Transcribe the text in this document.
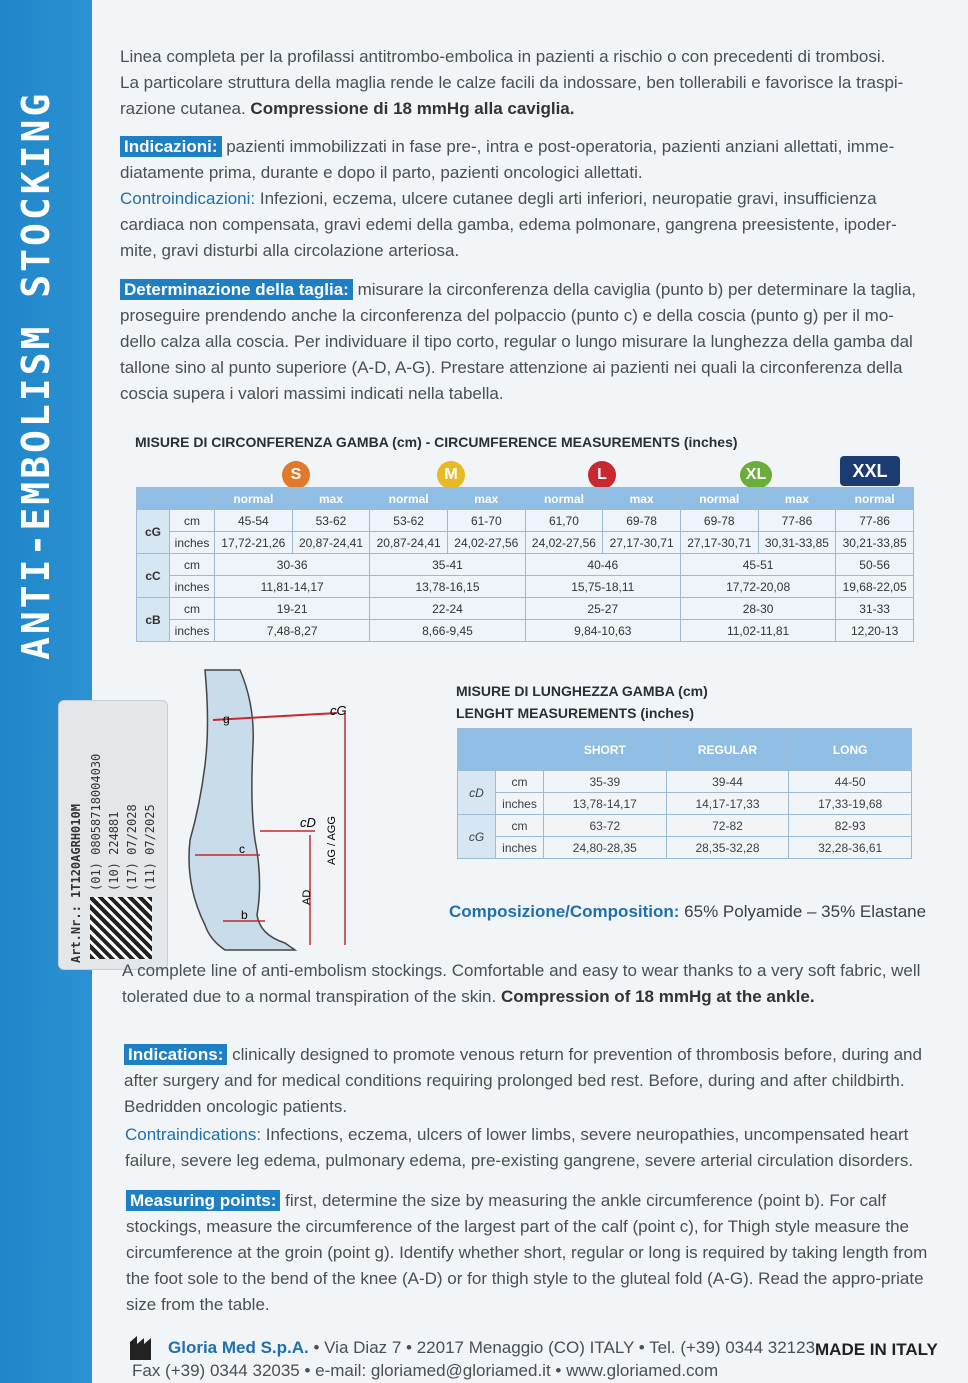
ANTI-EMBOLISM STOCKING
Linea completa per la profilassi antitrombo-embolica in pazienti a rischio o con precedenti di trombosi.
La particolare struttura della maglia rende le calze facili da indossare, ben tollerabili e favorisce la traspi-
razione cutanea. Compressione di 18 mmHg alla caviglia.
Indicazioni: pazienti immobilizzati in fase pre-, intra e post-operatoria, pazienti anziani allettati, imme-diatamente prima, durante e dopo il parto, pazienti oncologici allettati.
Controindicazioni: Infezioni, eczema, ulcere cutanee degli arti inferiori, neuropatie gravi, insufficienza cardiaca non compensata, gravi edemi della gamba, edema polmonare, gangrena preesistente, ipoder-mite, gravi disturbi alla circolazione arteriosa.
Determinazione della taglia: misurare la circonferenza della caviglia (punto b) per determinare la taglia, proseguire prendendo anche la circonferenza del polpaccio (punto c) e della coscia (punto g) per il mo-dello calza alla coscia. Per individuare il tipo corto, regular o lungo misurare la lunghezza della gamba dal tallone sino al punto superiore (A-D, A-G). Prestare attenzione ai pazienti nei quali la circonferenza della coscia supera i valori massimi indicati nella tabella.
MISURE DI CIRCONFERENZA GAMBA (cm) - CIRCUMFERENCE MEASUREMENTS (inches)
S	M	L	XL	XXL
		normal	max	normal	max	normal	max	normal	max	normal
cG	cm	45-54	53-62	53-62	61-70	61,70	69-78	69-78	77-86	77-86
	inches	17,72-21,26	20,87-24,41	20,87-24,41	24,02-27,56	24,02-27,56	27,17-30,71	27,17-30,71	30,31-33,85	30,21-33,85
cC	cm	30-36		35-41		40-46		45-51		50-56
	inches	11,81-14,17		13,78-16,15		15,75-18,11		17,72-20,08		19,68-22,05
cB	cm	19-21		22-24		25-27		28-30		31-33
	inches	7,48-8,27		8,66-9,45		9,84-10,63		11,02-11,81		12,20-13
g
cG
cD
c
b
AD
AG / AGG
MISURE DI LUNGHEZZA GAMBA (cm)
LENGHT MEASUREMENTS (inches)
		SHORT	REGULAR	LONG
cD	cm	35-39	39-44	44-50
	inches	13,78-14,17	14,17-17,33	17,33-19,68
cG	cm	63-72	72-82	82-93
	inches	24,80-28,35	28,35-32,28	32,28-36,61
Composizione/Composition: 65% Polyamide – 35% Elastane
Art.Nr.: 1T120AGRH010M (01) 08058718004030 (10) 224881 (17) 07/2028 (11) 07/2025
A complete line of anti-embolism stockings. Comfortable and easy to wear thanks to a very soft fabric, well tolerated due to a normal transpiration of the skin. Compression of 18 mmHg at the ankle.
Indications: clinically designed to promote venous return for prevention of thrombosis before, during and after surgery and for medical conditions requiring prolonged bed rest. Before, during and after childbirth. Bedridden oncologic patients.
Contraindications: Infections, eczema, ulcers of lower limbs, severe neuropathies, uncompensated heart failure, severe leg edema, pulmonary edema, pre-existing gangrene, severe arterial circulation disorders.
Measuring points: first, determine the size by measuring the ankle circumference (point b). For calf stockings, measure the circumference of the largest part of the calf (point c), for Thigh style measure the circumference at the groin (point g). Identify whether short, regular or long is required by taking length from the foot sole to the bend of the knee (A-D) or for thigh style to the gluteal fold (A-G). Read the appro-priate size from the table.
Gloria Med S.p.A. • Via Diaz 7 • 22017 Menaggio (CO) ITALY • Tel. (+39) 0344 32123
Fax (+39) 0344 32035 • e-mail: gloriamed@gloriamed.it • www.gloriamed.com
MADE IN ITALY
